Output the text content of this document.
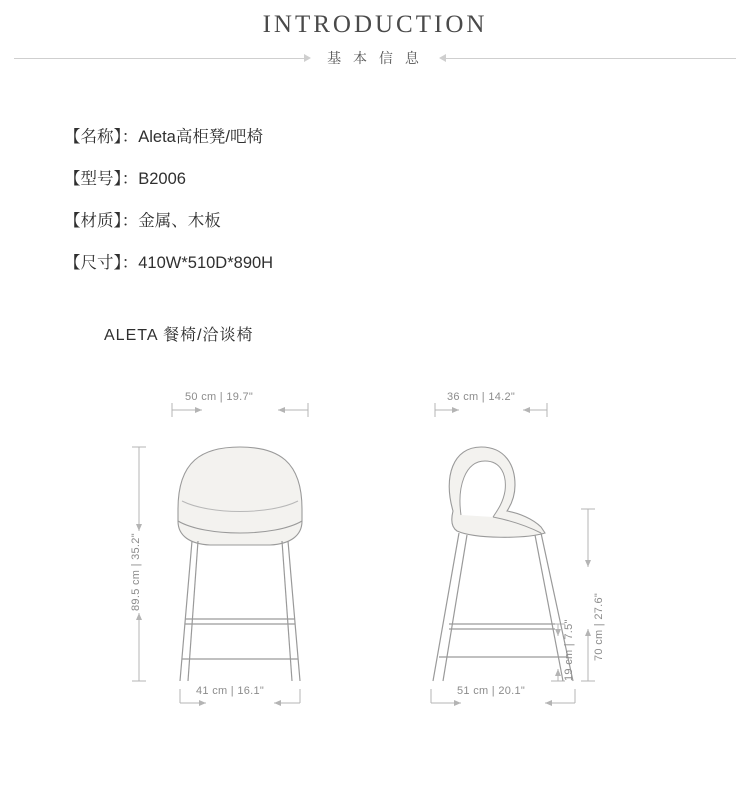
INTRODUCTION
基 本 信 息
【名称】：Aleta高柜凳/吧椅
【型号】：B2006
【材质】：金属、木板
【尺寸】：410W*510D*890H
ALETA 餐椅/洽谈椅
50 cm | 19.7"
89.5 cm | 35.2"
41 cm | 16.1"
36 cm | 14.2"
70 cm | 27.6"
19 cm | 7.5"
51 cm | 20.1"
